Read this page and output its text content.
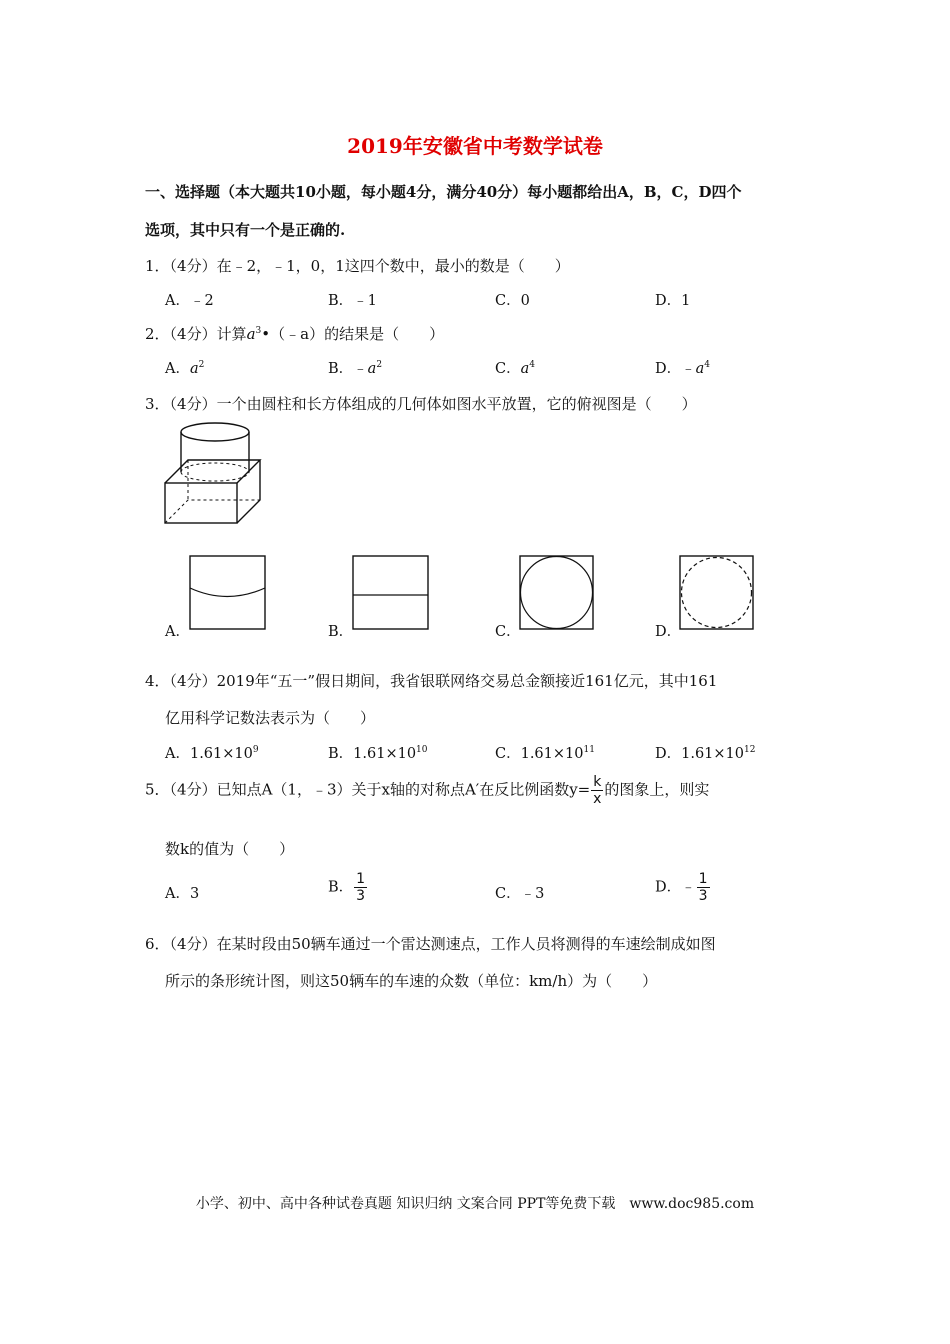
2019年安徽省中考数学试卷
一、选择题（本大题共10小题，每小题4分，满分40分）每小题都给出A，B，C，D四个
选项，其中只有一个是正确的.
1．（4分）在﹣2，﹣1，0，1这四个数中，最小的数是（　　）
A．﹣2	B．﹣1	C．0	D．1
2．（4分）计算$a^3•(﹣a)$的结果是（　　）
A．$a^2$	B．$﹣a^2$	C．$a^4$	D．$﹣a^4$
3．（4分）一个由圆柱和长方体组成的几何体如图水平放置，它的俯视图是（　　）
A．	B．	C．	D．
4．（4分）2019年“五一”假日期间，我省银联网络交易总金额接近161亿元，其中161
亿用科学记数法表示为（　　）
A．$1.61\times 10^9$	B．$1.61\times 10^{10}$	C．$1.61\times 10^{11}$	D．$1.61\times 10^{12}$
5．（4分）已知点A（1，﹣3）关于x轴的对称点A′在反比例函数$y= \frac{k}{x}$ 的图象上，则实
数k的值为（　　）
A．3	B． $\frac{1}{3}$	C．﹣3	D．﹣ $\frac{1}{3}$
6．（4分）在某时段由50辆车通过一个雷达测速点，工作人员将测得的车速绘制成如图
所示的条形统计图，则这50辆车的车速的众数（单位：km/h）为（　　）
小学、初中、高中各种试卷真题 知识归纳 文案合同 PPT等免费下载　www.doc985.com
